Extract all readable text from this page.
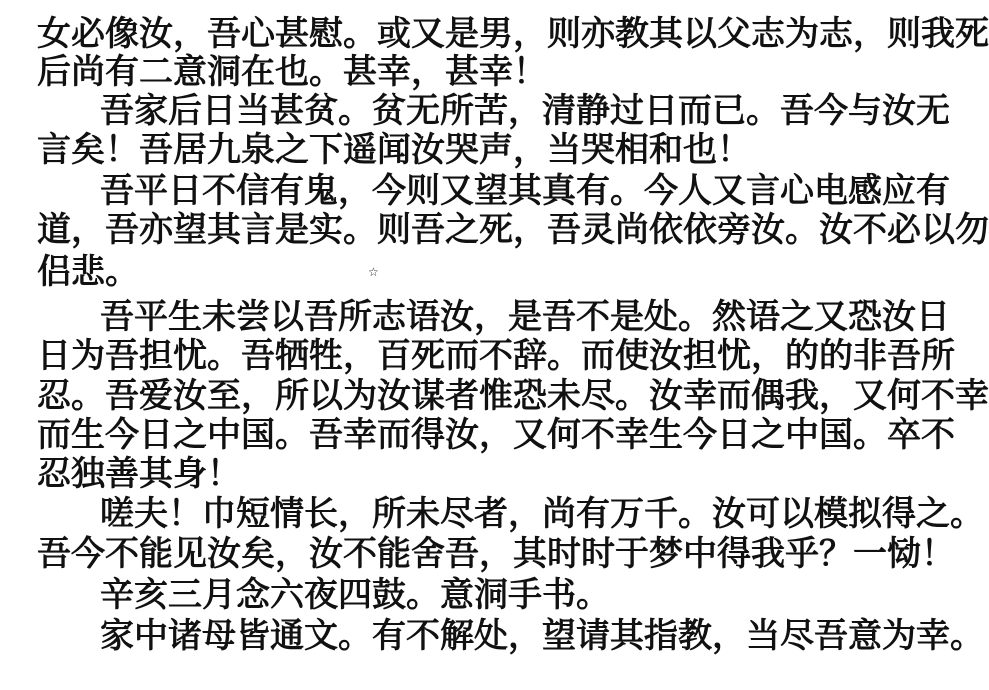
女必像汝，吾心甚慰。或又是男，则亦教其以父志为志，则我死
后尚有二意洞在也。甚幸，甚幸！
吾家后日当甚贫。贫无所苦，清静过日而已。吾今与汝无
言矣！吾居九泉之下遥闻汝哭声，当哭相和也！
吾平日不信有鬼，今则又望其真有。今人又言心电感应有
道，吾亦望其言是实。则吾之死，吾灵尚依依旁汝。汝不必以勿
侣悲。
吾平生未尝以吾所志语汝，是吾不是处。然语之又恐汝日
日为吾担忧。吾牺牲，百死而不辞。而使汝担忧，的的非吾所
忍。吾爱汝至，所以为汝谋者惟恐未尽。汝幸而偶我，又何不幸
而生今日之中国。吾幸而得汝，又何不幸生今日之中国。卒不
忍独善其身！
嗟夫！巾短情长，所未尽者，尚有万千。汝可以模拟得之。
吾今不能见汝矣，汝不能舍吾，其时时于梦中得我乎？一恸！
辛亥三月念六夜四鼓。意洞手书。
家中诸母皆通文。有不解处，望请其指教，当尽吾意为幸。
☆
